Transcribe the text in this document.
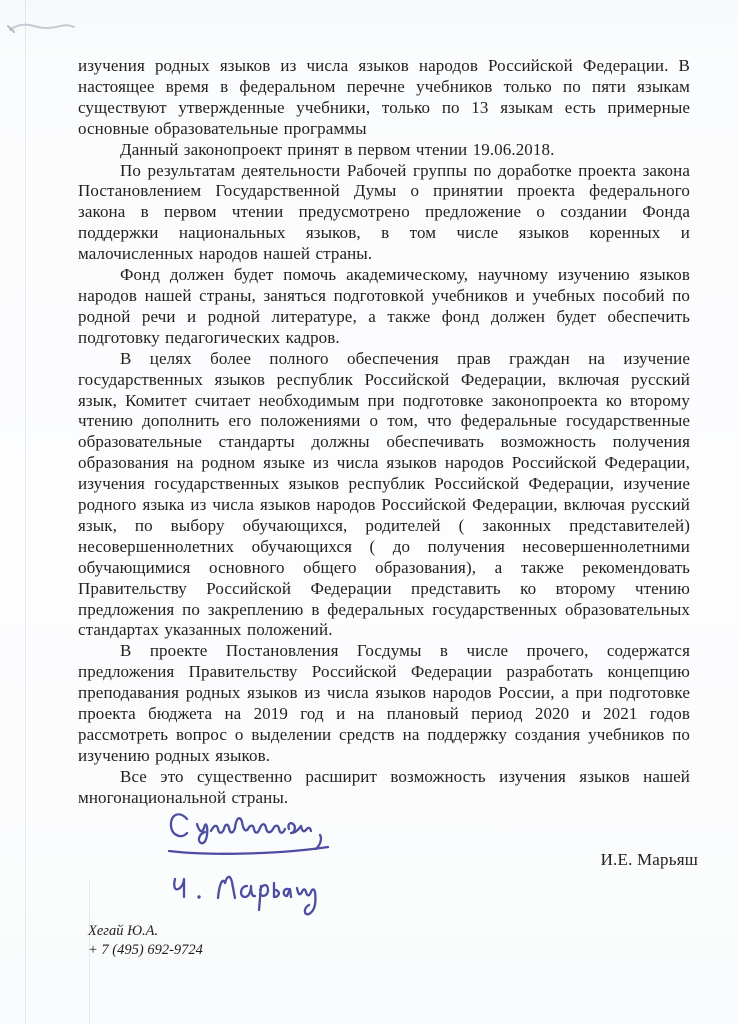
изучения родных языков из числа языков народов Российской Федерации. В настоящее время в федеральном перечне учебников только по пяти языкам существуют утвержденные учебники, только по 13 языкам есть примерные основные образовательные программы

Данный законопроект принят в первом чтении 19.06.2018.

По результатам деятельности Рабочей группы по доработке проекта закона Постановлением Государственной Думы о принятии проекта федерального закона в первом чтении предусмотрено предложение о создании Фонда поддержки национальных языков, в том числе языков коренных и малочисленных народов нашей страны.

Фонд должен будет помочь академическому, научному изучению языков народов нашей страны, заняться подготовкой учебников и учебных пособий по родной речи и родной литературе, а также фонд должен будет обеспечить подготовку педагогических кадров.

В целях более полного обеспечения прав граждан на изучение государственных языков республик Российской Федерации, включая русский язык, Комитет считает необходимым при подготовке законопроекта ко второму чтению дополнить его положениями о том, что федеральные государственные образовательные стандарты должны обеспечивать возможность получения образования на родном языке из числа языков народов Российской Федерации, изучения государственных языков республик Российской Федерации, изучение родного языка из числа языков народов Российской Федерации, включая русский язык, по выбору обучающихся, родителей ( законных представителей) несовершеннолетних обучающихся ( до получения несовершеннолетними обучающимися основного общего образования), а также рекомендовать Правительству Российской Федерации представить ко второму чтению предложения по закреплению в федеральных государственных образовательных стандартах указанных положений.

В проекте Постановления Госдумы в числе прочего, содержатся предложения Правительству Российской Федерации разработать концепцию преподавания родных языков из числа языков народов России, а при подготовке проекта бюджета на 2019 год и на плановый период 2020 и 2021 годов рассмотреть вопрос о выделении средств на поддержку создания учебников по изучению родных языков.

Все это существенно расширит возможность изучения языков нашей многонациональной страны.

И.Е. Марьяш
Хегай Ю.А.
+ 7 (495) 692-9724
